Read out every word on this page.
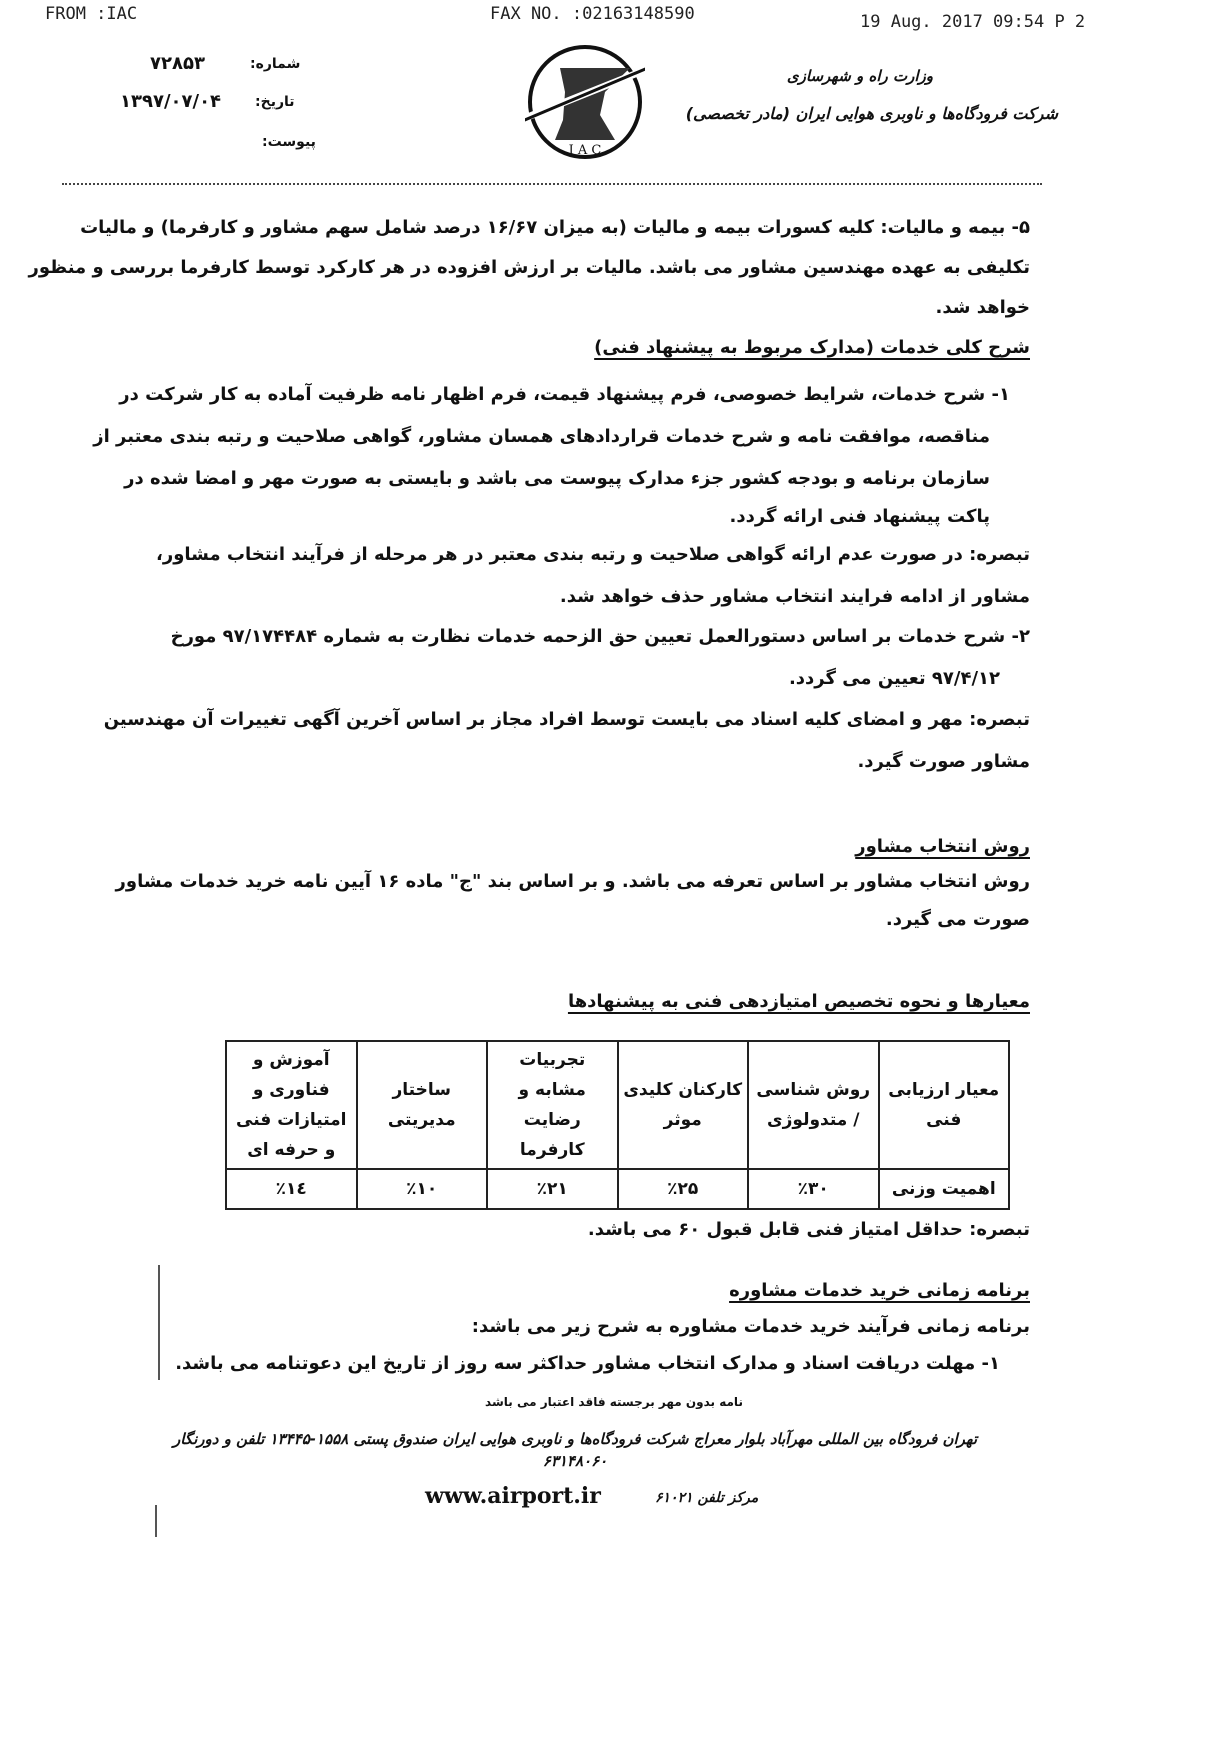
FROM :IAC	FAX NO. :02163148590	19 Aug. 2017 09:54 P 2
شماره:
۷۲۸۵۳
تاریخ:
۱۳۹۷/۰۷/۰۴
پیوست:
I A C
وزارت راه و شهرسازی
شرکت فرودگاه‌ها و ناوبری هوایی ایران (مادر تخصصی)
۵- بیمه و مالیات: کلیه کسورات بیمه و مالیات (به میزان ۱۶/۶۷ درصد شامل سهم مشاور و کارفرما) و مالیات
تکلیفی به عهده مهندسین مشاور می باشد. مالیات بر ارزش افزوده در هر کارکرد توسط کارفرما بررسی و منظور
خواهد شد.
شرح کلی خدمات (مدارک مربوط به پیشنهاد فنی)
۱- شرح خدمات، شرایط خصوصی، فرم پیشنهاد قیمت، فرم اظهار نامه ظرفیت آماده به کار شرکت در
مناقصه، موافقت نامه و شرح خدمات قراردادهای همسان مشاور، گواهی صلاحیت و رتبه بندی معتبر از
سازمان برنامه و بودجه کشور جزء مدارک پیوست می باشد و بایستی به صورت مهر و امضا شده در
پاکت پیشنهاد فنی ارائه گردد.
تبصره: در صورت عدم ارائه گواهی صلاحیت و رتبه بندی معتبر در هر مرحله از فرآیند انتخاب مشاور،
مشاور از ادامه فرایند انتخاب مشاور حذف خواهد شد.
۲- شرح خدمات بر اساس دستورالعمل تعیین حق الزحمه خدمات نظارت به شماره ۹۷/۱۷۴۴۸۴ مورخ
۹۷/۴/۱۲ تعیین می گردد.
تبصره: مهر و امضای کلیه اسناد می بایست توسط افراد مجاز بر اساس آخرین آگهی تغییرات آن مهندسین
مشاور صورت گیرد.
روش انتخاب مشاور
روش انتخاب مشاور بر اساس تعرفه می باشد. و بر اساس بند "ج" ماده ۱۶ آیین نامه خرید خدمات مشاور
صورت می گیرد.
معیارها و نحوه تخصیص امتیازدهی فنی به پیشنهادها
معیار ارزیابی فنی	روش شناسی / متدولوژی	کارکنان کلیدی موثر	تجربیات مشابه و رضایت کارفرما	ساختار مدیریتی	آموزش و فناوری و امتیازات فنی و حرفه ای
اهمیت وزنی	٪۳۰	٪۲۵	٪۲۱	٪۱۰	٪۱٤
تبصره: حداقل امتیاز فنی قابل قبول ۶۰ می باشد.
برنامه زمانی خرید خدمات مشاوره
برنامه زمانی فرآیند خرید خدمات مشاوره به شرح زیر می باشد:
۱- مهلت دریافت اسناد و مدارک انتخاب مشاور حداکثر سه روز از تاریخ این دعوتنامه می باشد.
نامه بدون مهر برجسته فاقد اعتبار می باشد
تهران فرودگاه بین المللی مهرآباد بلوار معراج شرکت فرودگاه‌ها و ناوبری هوایی ایران صندوق پستی ۱۵۵۸-۱۳۴۴۵ تلفن و دورنگار ۶۳۱۴۸۰۶۰
مرکز تلفن ۶۱۰۲۱
www.airport.ir
